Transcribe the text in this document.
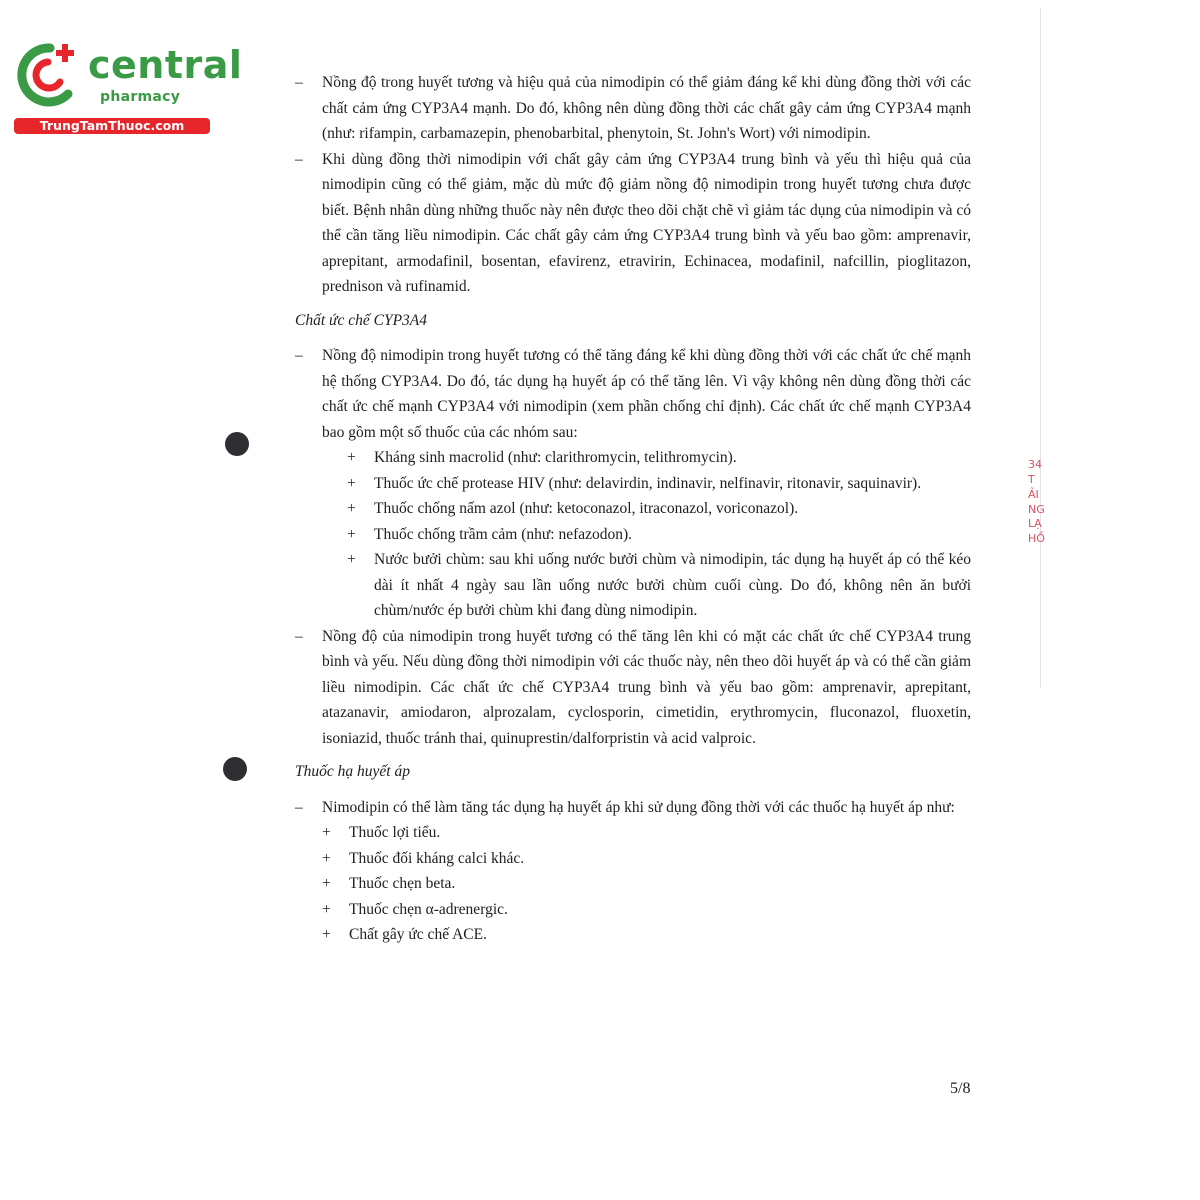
central
pharmacy
TrungTamThuoc.com
34
T
ẢI
NG
LẠ
HỒ
– Nồng độ trong huyết tương và hiệu quả của nimodipin có thể giảm đáng kể khi dùng đồng thời với các chất cảm ứng CYP3A4 mạnh. Do đó, không nên dùng đồng thời các chất gây cảm ứng CYP3A4 mạnh (như: rifampin, carbamazepin, phenobarbital, phenytoin, St. John's Wort) với nimodipin.
– Khi dùng đồng thời nimodipin với chất gây cảm ứng CYP3A4 trung bình và yếu thì hiệu quả của nimodipin cũng có thể giảm, mặc dù mức độ giảm nồng độ nimodipin trong huyết tương chưa được biết. Bệnh nhân dùng những thuốc này nên được theo dõi chặt chẽ vì giảm tác dụng của nimodipin và có thể cần tăng liều nimodipin. Các chất gây cảm ứng CYP3A4 trung bình và yếu bao gồm: amprenavir, aprepitant, armodafinil, bosentan, efavirenz, etravirin, Echinacea, modafinil, nafcillin, pioglitazon, prednison và rufinamid.
Chất ức chế CYP3A4
– Nồng độ nimodipin trong huyết tương có thể tăng đáng kể khi dùng đồng thời với các chất ức chế mạnh hệ thống CYP3A4. Do đó, tác dụng hạ huyết áp có thể tăng lên. Vì vậy không nên dùng đồng thời các chất ức chế mạnh CYP3A4 với nimodipin (xem phần chống chỉ định). Các chất ức chế mạnh CYP3A4 bao gồm một số thuốc của các nhóm sau:
+ Kháng sinh macrolid (như: clarithromycin, telithromycin).
+ Thuốc ức chế protease HIV (như: delavirdin, indinavir, nelfinavir, ritonavir, saquinavir).
+ Thuốc chống nấm azol (như: ketoconazol, itraconazol, voriconazol).
+ Thuốc chống trầm cảm (như: nefazodon).
+ Nước bưởi chùm: sau khi uống nước bưởi chùm và nimodipin, tác dụng hạ huyết áp có thể kéo dài ít nhất 4 ngày sau lần uống nước bưởi chùm cuối cùng. Do đó, không nên ăn bưởi chùm/nước ép bưởi chùm khi đang dùng nimodipin.
– Nồng độ của nimodipin trong huyết tương có thể tăng lên khi có mặt các chất ức chế CYP3A4 trung bình và yếu. Nếu dùng đồng thời nimodipin với các thuốc này, nên theo dõi huyết áp và có thể cần giảm liều nimodipin. Các chất ức chế CYP3A4 trung bình và yếu bao gồm: amprenavir, aprepitant, atazanavir, amiodaron, alprozalam, cyclosporin, cimetidin, erythromycin, fluconazol, fluoxetin, isoniazid, thuốc tránh thai, quinuprestin/dalforpristin và acid valproic.
Thuốc hạ huyết áp
– Nimodipin có thể làm tăng tác dụng hạ huyết áp khi sử dụng đồng thời với các thuốc hạ huyết áp như:
+ Thuốc lợi tiểu.
+ Thuốc đối kháng calci khác.
+ Thuốc chẹn beta.
+ Thuốc chẹn α-adrenergic.
+ Chất gây ức chế ACE.
5/8
